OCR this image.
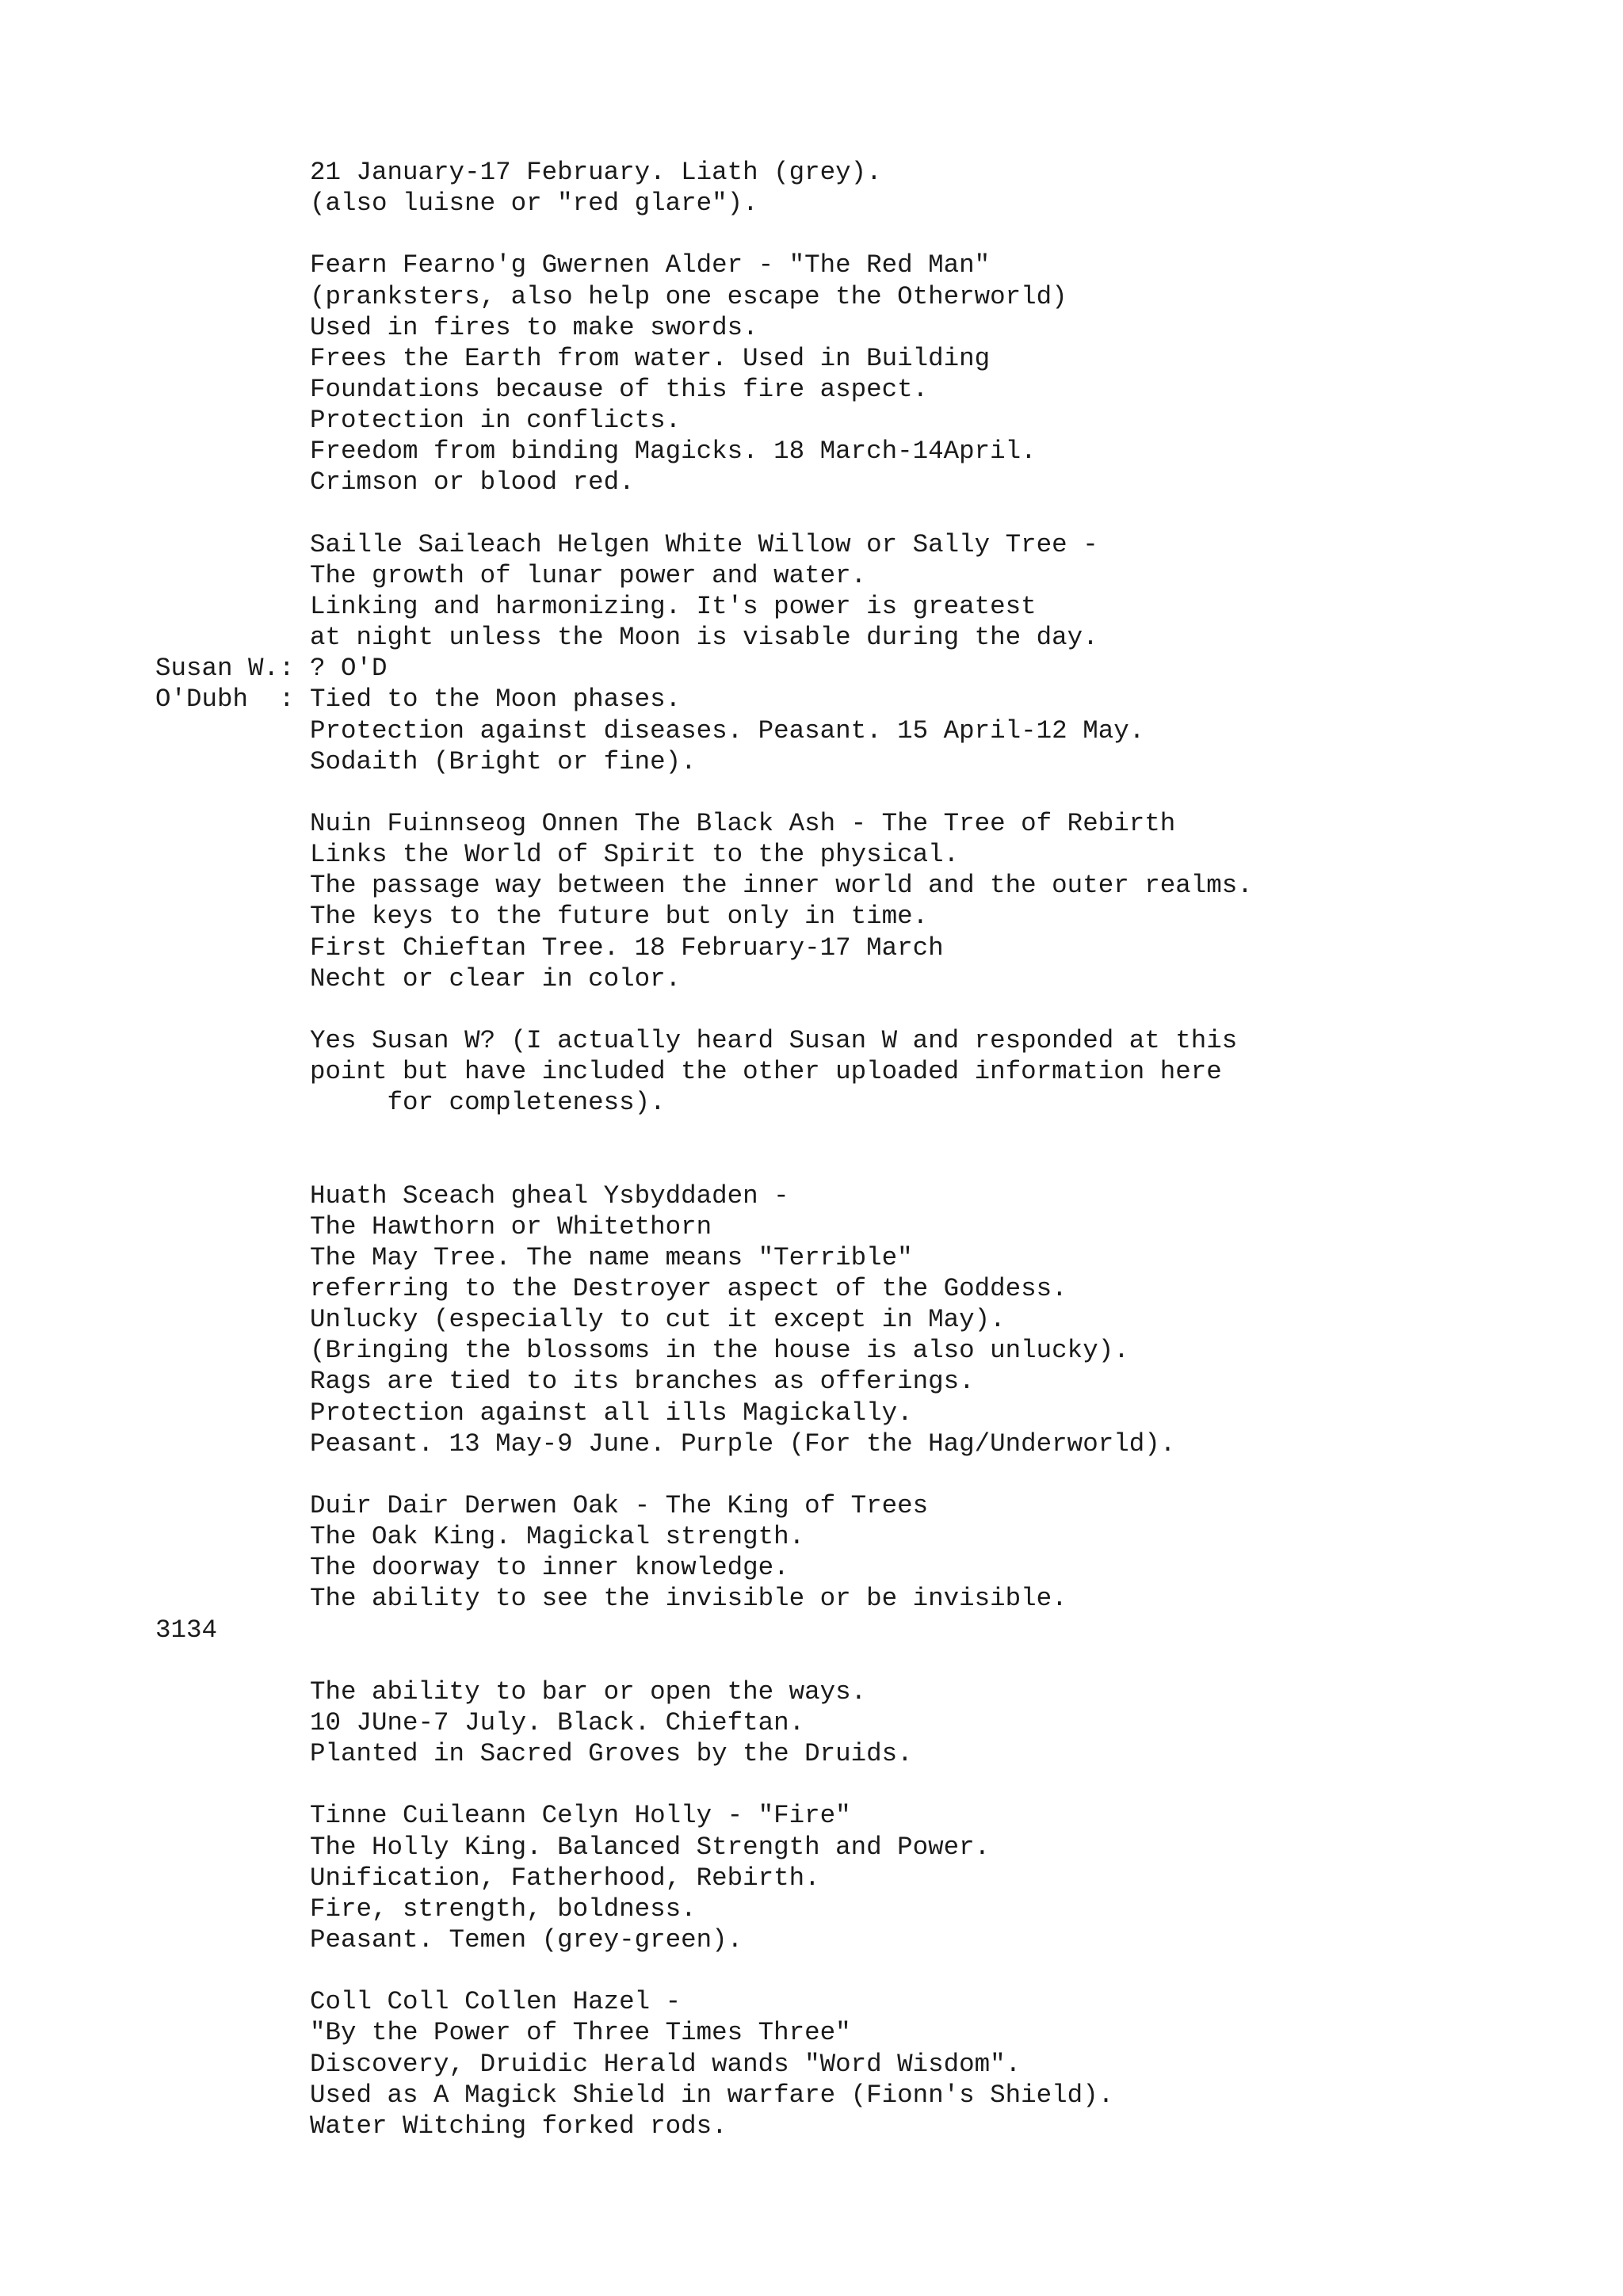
21 January-17 February. Liath (grey).
(also luisne or "red glare").
Fearn Fearno'g Gwernen Alder - "The Red Man"
(pranksters, also help one escape the Otherworld)
Used in fires to make swords.
Frees the Earth from water. Used in Building
Foundations because of this fire aspect.
Protection in conflicts.
Freedom from binding Magicks. 18 March-14April.
Crimson or blood red.
Saille Saileach Helgen White Willow or Sally Tree -
The growth of lunar power and water.
Linking and harmonizing. It's power is greatest
at night unless the Moon is visable during the day.
Susan W.: ? O'D
O'Dubh  : Tied to the Moon phases.
Protection against diseases. Peasant. 15 April-12 May.
Sodaith (Bright or fine).
Nuin Fuinnseog Onnen The Black Ash - The Tree of Rebirth
Links the World of Spirit to the physical.
The passage way between the inner world and the outer realms.
The keys to the future but only in time.
First Chieftan Tree. 18 February-17 March
Necht or clear in color.
Yes Susan W? (I actually heard Susan W and responded at this
point but have included the other uploaded information here
for completeness).
Huath Sceach gheal Ysbyddaden -
The Hawthorn or Whitethorn
The May Tree. The name means "Terrible"
referring to the Destroyer aspect of the Goddess.
Unlucky (especially to cut it except in May).
(Bringing the blossoms in the house is also unlucky).
Rags are tied to its branches as offerings.
Protection against all ills Magickally.
Peasant. 13 May-9 June. Purple (For the Hag/Underworld).
Duir Dair Derwen Oak - The King of Trees
The Oak King. Magickal strength.
The doorway to inner knowledge.
The ability to see the invisible or be invisible.
3134
The ability to bar or open the ways.
10 JUne-7 July. Black. Chieftan.
Planted in Sacred Groves by the Druids.
Tinne Cuileann Celyn Holly - "Fire"
The Holly King. Balanced Strength and Power.
Unification, Fatherhood, Rebirth.
Fire, strength, boldness.
Peasant. Temen (grey-green).
Coll Coll Collen Hazel -
"By the Power of Three Times Three"
Discovery, Druidic Herald wands "Word Wisdom".
Used as A Magick Shield in warfare (Fionn's Shield).
Water Witching forked rods.
